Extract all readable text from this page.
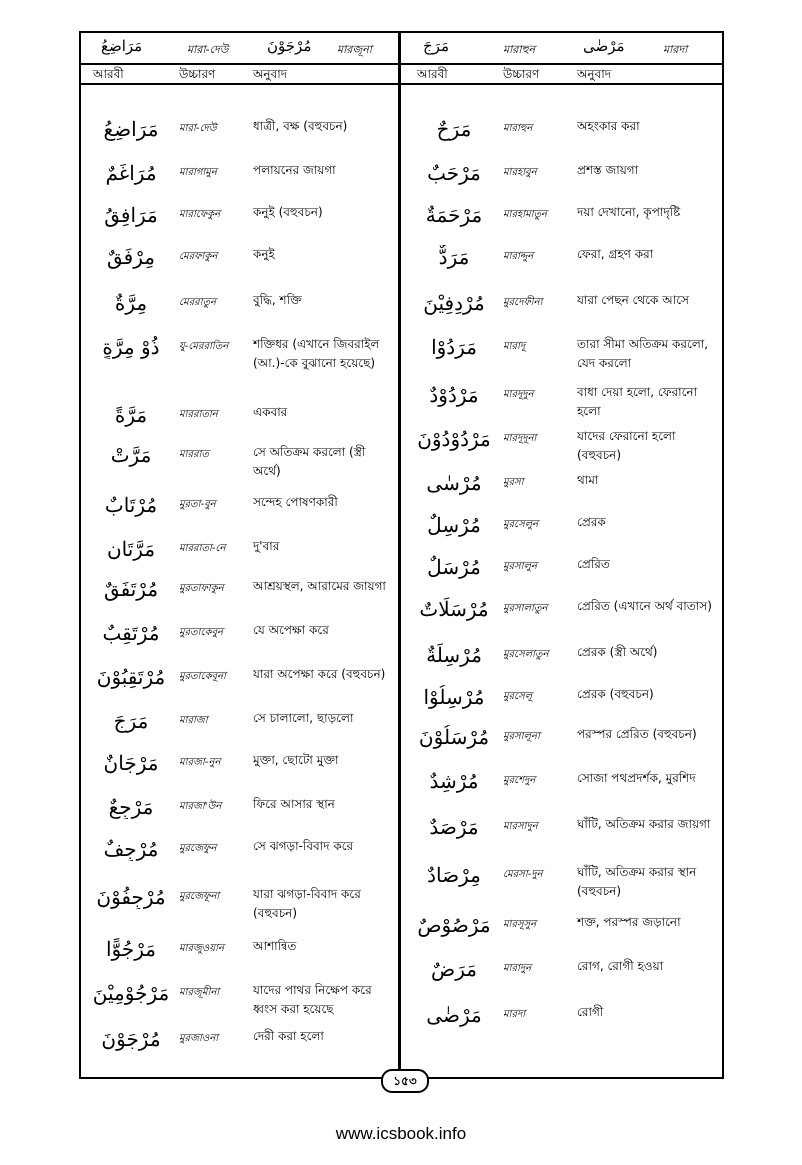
مَرَاضِعُ	মারা-দেউ	مُرْجَوْنَ মারজূনা	مَرَجَ	মারাহুন	مَرْضٰى	মারদা
আরবী	উচ্চারণ	অনুবাদ	আরবী	উচ্চারণ	অনুবাদ
مَرَاضِعُ	মারা-দেউ	ধাত্রী, বক্ষ (বহুবচন)
مُرَاغَمٌ	মারাগামুন	পলায়নের জায়গা
مَرَافِقُ	মারাফেকুন	কনুই (বহুবচন)
مِرْفَقٌ	মেরফাকুন	কনুই
مِرَّةٌ	মেররাতুন	বুদ্ধি, শক্তি
ذُوْ مِرَّةٍ	যু-মেররাতিন	শক্তিধর (এখানে জিবরাইল (আ.)-কে বুঝানো হয়েছে)
مَرَّةً	মাররাতান	একবার
مَرَّتْ	মাররাত	সে অতিক্রম করলো (স্ত্রী অর্থে)
مُرْتَابٌ	মুরতা-বুন	সন্দেহ পোষণকারী
مَرَّتَانِ	মাররাতা-নে	দু'বার
مُرْتَفَقٌ	মুরতাফাকুন	আশ্রয়স্থল, আরামের জায়গা
مُرْتَقِبٌ	মুরতাকেবুন	যে অপেক্ষা করে
مُرْتَقِبُوْنَ	মুরতাকেবূনা	যারা অপেক্ষা করে (বহুবচন)
مَرَجَ	মারাজা	সে চালালো, ছাড়লো
مَرْجَانٌ	মারজা-নুন	মুক্তা, ছোটো মুক্তা
مَرْجِعٌ	মারজা'উন	ফিরে আসার স্থান
مُرْجِفٌ	মুরজেফুন	সে ঝগড়া-বিবাদ করে
مُرْجِفُوْنَ	মুরজেফূনা	যারা ঝগড়া-বিবাদ করে (বহুবচন)
مَرْجُوًّا	মারজুওয়ান	আশান্বিত
مَرْجُوْمِيْنَ মারজূমীনা	যাদের পাথর নিক্ষেপ করে ধ্বংস করা হয়েছে
مُرْجَوْنَ	মুরজাওনা	দেরী করা হলো
مَرَحٌ	মারাহুন	অহংকার করা
مَرْحَبٌ	মারহাবুন	প্রশস্ত জায়গা
مَرْحَمَةٌ	মারহামাতুন	দয়া দেখানো, কৃপাদৃষ্টি
مَرَدٌّ	মারাদ্দুন	ফেরা, গ্রহণ করা
مُرْدِفِيْنَ	মুরদেফীনা	যারা পেছন থেকে আসে
مَرَدُوْا	মারাদূ	তারা সীমা অতিক্রম করলো, যেদ করলো
مَرْدُوْدٌ	মারদূদুন	বাধা দেয়া হলো, ফেরানো হলো
مَرْدُوْدُوْنَ	মারদূদূনা	যাদের ফেরানো হলো (বহুবচন)
مُرْسٰى	মুরসা	থামা
مُرْسِلٌ	মুরসেলুন	প্রেরক
مُرْسَلٌ	মুরসালুন	প্রেরিত
مُرْسَلَاتٌ	মুরসালাতুন	প্রেরিত (এখানে অর্থ বাতাস)
مُرْسِلَةٌ	মুরসেলাতুন	প্রেরক (স্ত্রী অর্থে)
مُرْسِلُوْا	মুরসেলূ	প্রেরক (বহুবচন)
مُرْسَلُوْنَ	মুরসালূনা	পরস্পর প্রেরিত (বহুবচন)
مُرْشِدٌ	মুরশেদুন	সোজা পথপ্রদর্শক, মুরশিদ
مَرْصَدٌ	মারসাদুন	ঘাঁটি, অতিক্রম করার জায়গা
مِرْصَادٌ	মেরসা-দুন	ঘাঁটি, অতিক্রম করার স্থান (বহুবচন)
مَرْصُوْصٌ	মারসূসুন	শক্ত, পরস্পর জড়ানো
مَرَضٌ	মারাদুন	রোগ, রোগী হওয়া
مَرْضٰى	মারদা	রোগী
১৫৩
www.icsbook.info
